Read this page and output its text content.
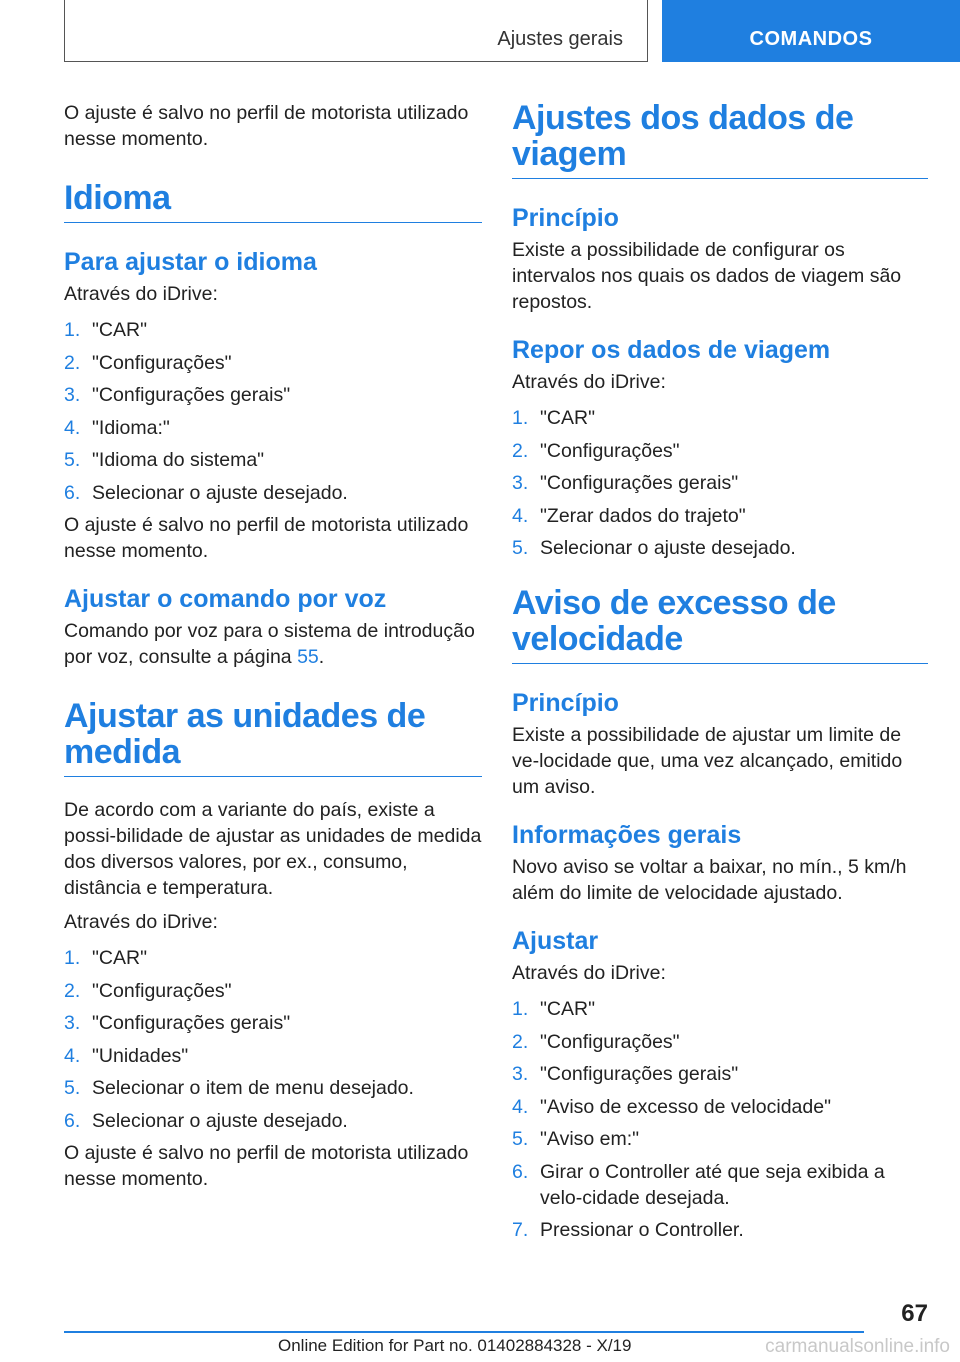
Ajustes gerais	COMANDOS

O ajuste é salvo no perfil de motorista utilizado nesse momento.

Idioma
Para ajustar o idioma

Através do iDrive:

1. "CAR"
2. "Configurações"
3. "Configurações gerais"
4. "Idioma:"
5. "Idioma do sistema"
6. Selecionar o ajuste desejado.

O ajuste é salvo no perfil de motorista utilizado nesse momento.

Ajustar o comando por voz

Comando por voz para o sistema de introdução por voz, consulte a página 55.

Ajustar as unidades de
medida

De acordo com a variante do país, existe a possi-bilidade de ajustar as unidades de medida dos diversos valores, por ex., consumo, distância e temperatura.

Através do iDrive:

1. "CAR"
2. "Configurações"
3. "Configurações gerais"
4. "Unidades"
5. Selecionar o item de menu desejado.
6. Selecionar o ajuste desejado.

O ajuste é salvo no perfil de motorista utilizado nesse momento.

Ajustes dos dados de
viagem
Princípio

Existe a possibilidade de configurar os intervalos nos quais os dados de viagem são repostos.

Repor os dados de viagem

Através do iDrive:

1. "CAR"
2. "Configurações"
3. "Configurações gerais"
4. "Zerar dados do trajeto"
5. Selecionar o ajuste desejado.
Aviso de excesso de
velocidade
Princípio

Existe a possibilidade de ajustar um limite de ve-locidade que, uma vez alcançado, emitido um aviso.

Informações gerais

Novo aviso se voltar a baixar, no mín., 5 km/h além do limite de velocidade ajustado.

Ajustar

Através do iDrive:

1. "CAR"
2. "Configurações"
3. "Configurações gerais"
4. "Aviso de excesso de velocidade"
5. "Aviso em:"
6. Girar o Controller até que seja exibida a velo-cidade desejada.
7. Pressionar o Controller.
67
Online Edition for Part no. 01402884328 - X/19	carmanualsonline.info
